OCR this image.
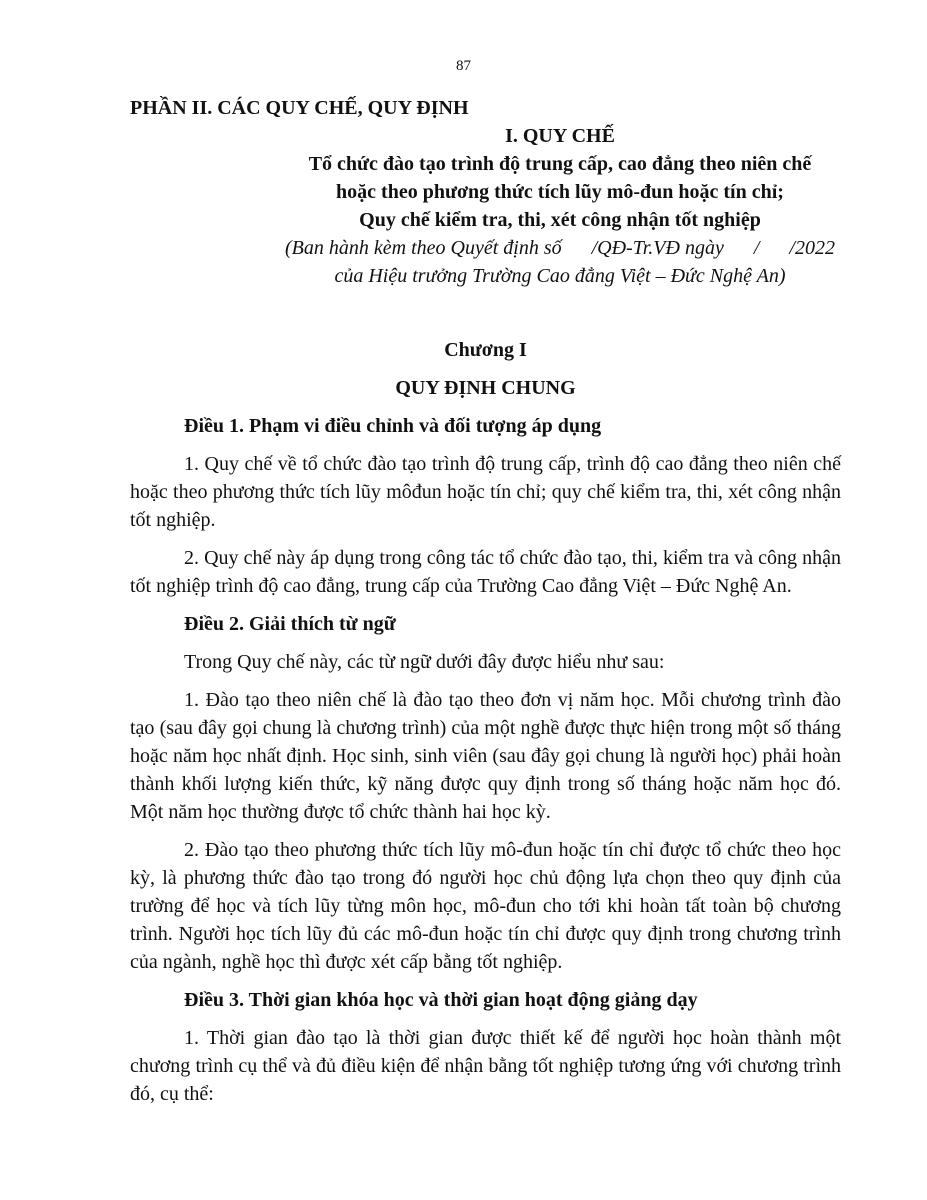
87

PHẦN II. CÁC QUY CHẾ, QUY ĐỊNH

I. QUY CHẾ

Tổ chức đào tạo trình độ trung cấp, cao đẳng theo niên chế

hoặc theo phương thức tích lũy mô-đun hoặc tín chỉ;

Quy chế kiểm tra, thi, xét công nhận tốt nghiệp

(Ban hành kèm theo Quyết định số      /QĐ-Tr.VĐ ngày      /      /2022

của Hiệu trưởng Trường Cao đẳng Việt – Đức Nghệ An)

Chương I
QUY ĐỊNH CHUNG

Điều 1. Phạm vi điều chỉnh và đối tượng áp dụng

1. Quy chế về tổ chức đào tạo trình độ trung cấp, trình độ cao đẳng theo niên chế hoặc theo phương thức tích lũy môđun hoặc tín chỉ; quy chế kiểm tra, thi, xét công nhận tốt nghiệp.

2. Quy chế này áp dụng trong công tác tổ chức đào tạo, thi, kiểm tra và công nhận tốt nghiệp trình độ cao đẳng, trung cấp của Trường Cao đẳng Việt – Đức Nghệ An.

Điều 2. Giải thích từ ngữ

Trong Quy chế này, các từ ngữ dưới đây được hiểu như sau:

1. Đào tạo theo niên chế là đào tạo theo đơn vị năm học. Mỗi chương trình đào tạo (sau đây gọi chung là chương trình) của một nghề được thực hiện trong một số tháng hoặc năm học nhất định. Học sinh, sinh viên (sau đây gọi chung là người học) phải hoàn thành khối lượng kiến thức, kỹ năng được quy định trong số tháng hoặc năm học đó. Một năm học thường được tổ chức thành hai học kỳ.

2. Đào tạo theo phương thức tích lũy mô-đun hoặc tín chỉ được tổ chức theo học kỳ, là phương thức đào tạo trong đó người học chủ động lựa chọn theo quy định của trường để học và tích lũy từng môn học, mô-đun cho tới khi hoàn tất toàn bộ chương trình. Người học tích lũy đủ các mô-đun hoặc tín chỉ được quy định trong chương trình của ngành, nghề học thì được xét cấp bằng tốt nghiệp.

Điều 3. Thời gian khóa học và thời gian hoạt động giảng dạy

1. Thời gian đào tạo là thời gian được thiết kế để người học hoàn thành một chương trình cụ thể và đủ điều kiện để nhận bằng tốt nghiệp tương ứng với chương trình đó, cụ thể:
